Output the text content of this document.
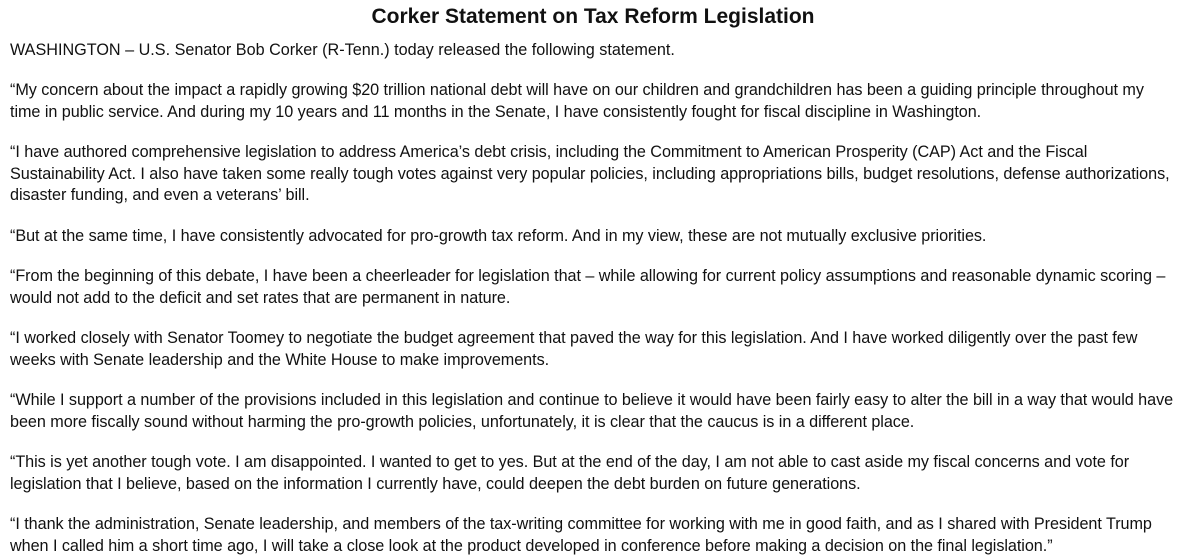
Corker Statement on Tax Reform Legislation

WASHINGTON – U.S. Senator Bob Corker (R-Tenn.) today released the following statement.

“My concern about the impact a rapidly growing $20 trillion national debt will have on our children and grandchildren has been a guiding principle throughout my time in public service. And during my 10 years and 11 months in the Senate, I have consistently fought for fiscal discipline in Washington.

“I have authored comprehensive legislation to address America’s debt crisis, including the Commitment to American Prosperity (CAP) Act and the Fiscal Sustainability Act. I also have taken some really tough votes against very popular policies, including appropriations bills, budget resolutions, defense authorizations, disaster funding, and even a veterans’ bill.

“But at the same time, I have consistently advocated for pro-growth tax reform. And in my view, these are not mutually exclusive priorities.

“From the beginning of this debate, I have been a cheerleader for legislation that – while allowing for current policy assumptions and reasonable dynamic scoring – would not add to the deficit and set rates that are permanent in nature.

“I worked closely with Senator Toomey to negotiate the budget agreement that paved the way for this legislation. And I have worked diligently over the past few weeks with Senate leadership and the White House to make improvements.

“While I support a number of the provisions included in this legislation and continue to believe it would have been fairly easy to alter the bill in a way that would have been more fiscally sound without harming the pro-growth policies, unfortunately, it is clear that the caucus is in a different place.

“This is yet another tough vote. I am disappointed. I wanted to get to yes. But at the end of the day, I am not able to cast aside my fiscal concerns and vote for legislation that I believe, based on the information I currently have, could deepen the debt burden on future generations.

“I thank the administration, Senate leadership, and members of the tax-writing committee for working with me in good faith, and as I shared with President Trump when I called him a short time ago, I will take a close look at the product developed in conference before making a decision on the final legislation.”
